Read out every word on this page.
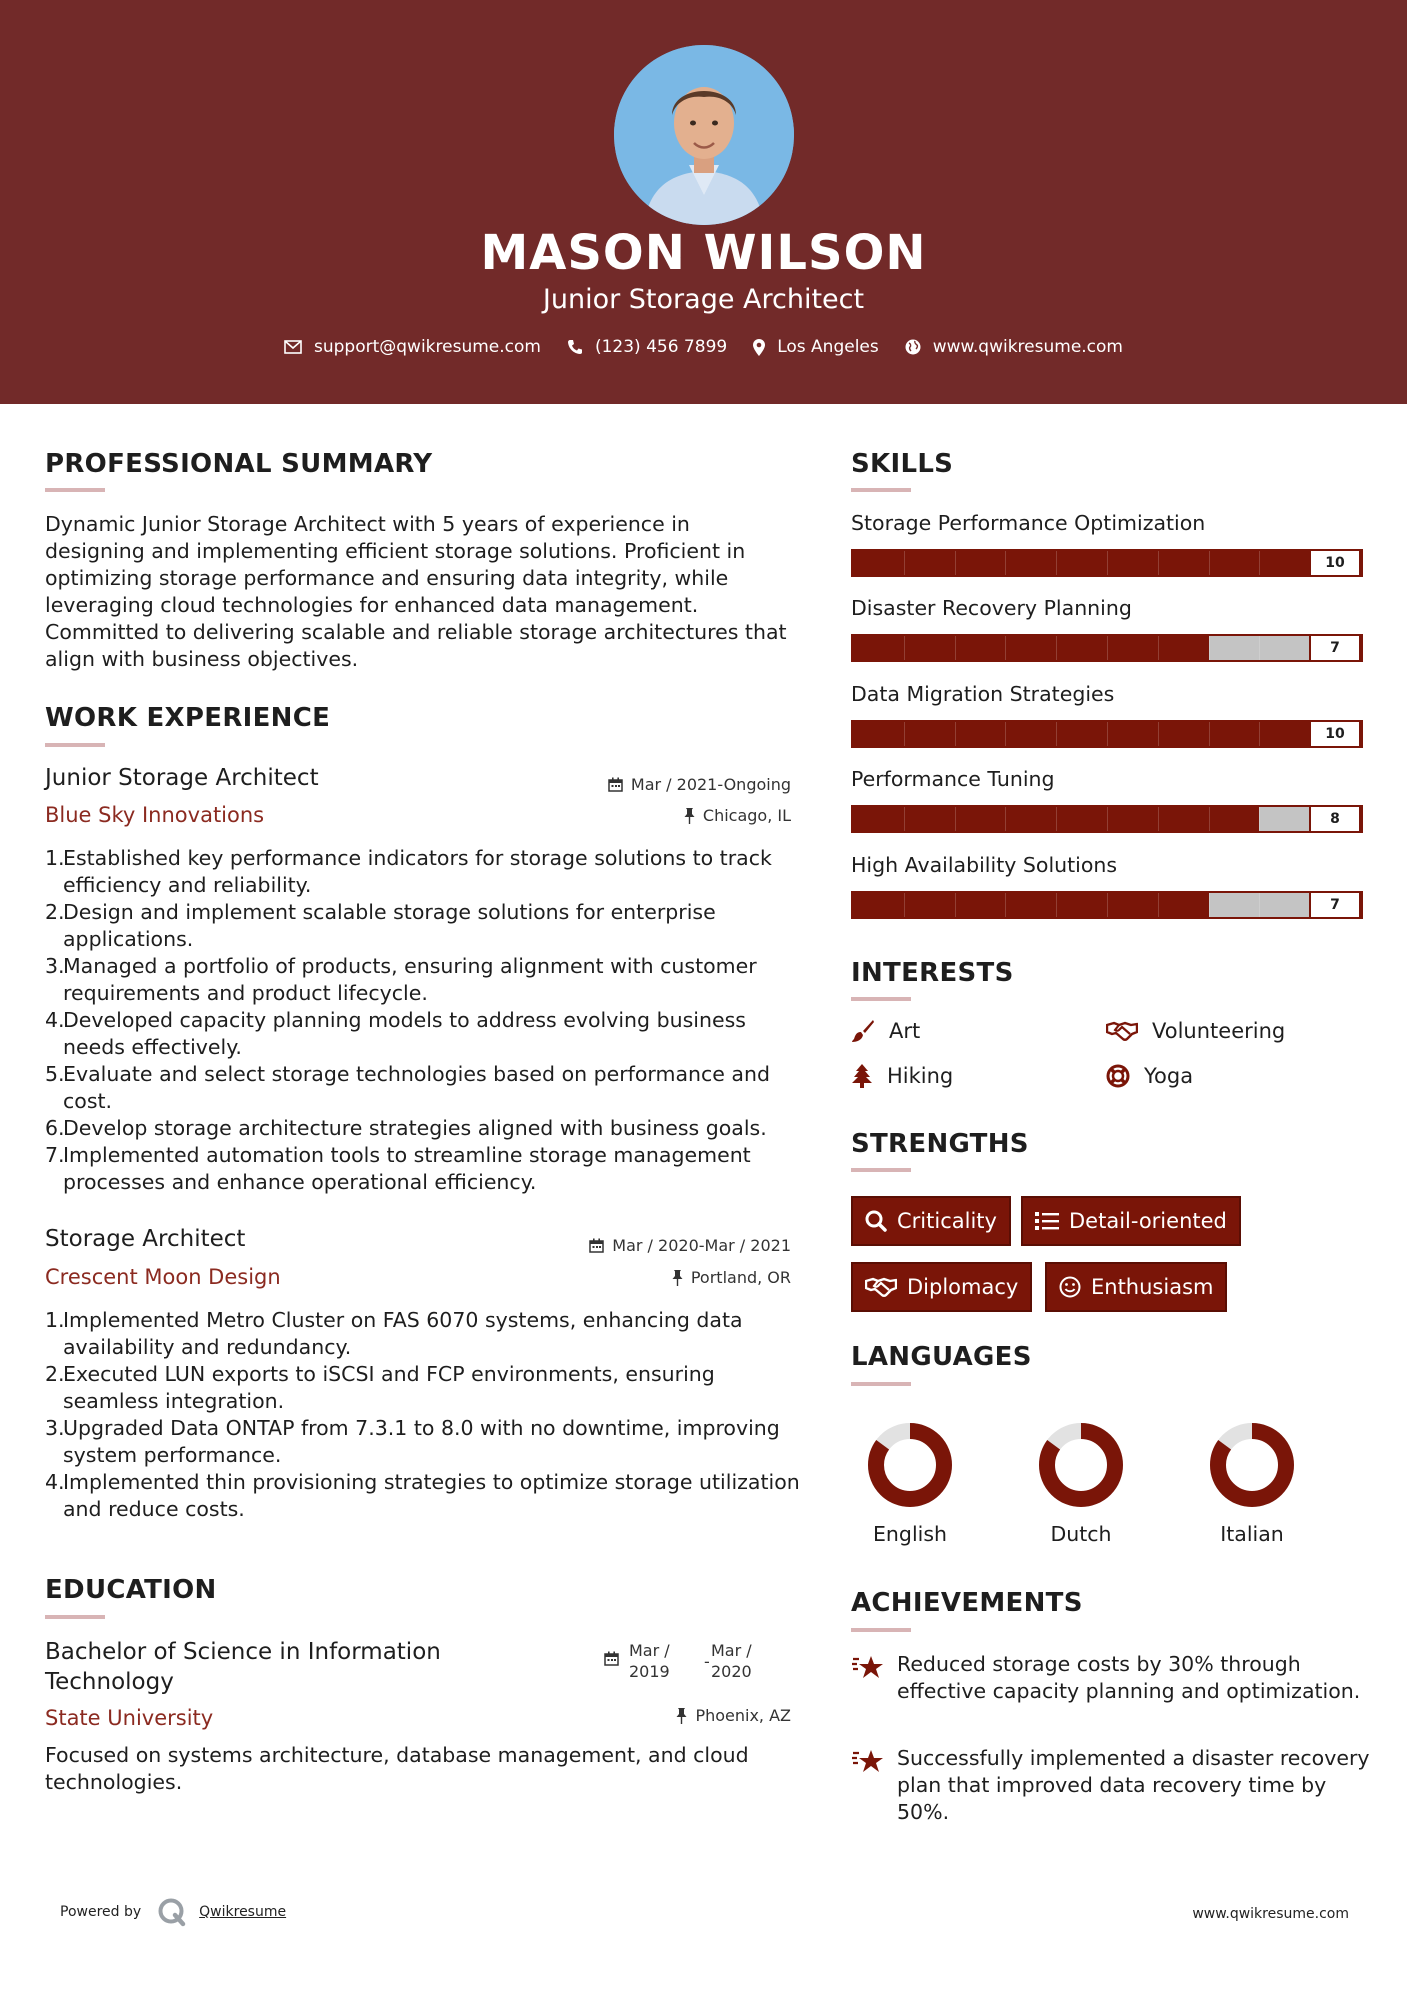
MASON WILSON
Junior Storage Architect
support@qwikresume.com	(123) 456 7899	Los Angeles	www.qwikresume.com
PROFESSIONAL SUMMARY
Dynamic Junior Storage Architect with 5 years of experience in designing and implementing efficient storage solutions. Proficient in optimizing storage performance and ensuring data integrity, while leveraging cloud technologies for enhanced data management. Committed to delivering scalable and reliable storage architectures that align with business objectives.
WORK EXPERIENCE
Junior Storage Architect	Mar / 2021-Ongoing
Blue Sky Innovations	Chicago, IL
1.
Established key performance indicators for storage solutions to track efficiency and reliability.
2.
Design and implement scalable storage solutions for enterprise applications.
3.
Managed a portfolio of products, ensuring alignment with customer requirements and product lifecycle.
4.
Developed capacity planning models to address evolving business needs effectively.
5.
Evaluate and select storage technologies based on performance and cost.
6.
Develop storage architecture strategies aligned with business goals.
7.
Implemented automation tools to streamline storage management processes and enhance operational efficiency.
Storage Architect	Mar / 2020-Mar / 2021
Crescent Moon Design	Portland, OR
1.
Implemented Metro Cluster on FAS 6070 systems, enhancing data availability and redundancy.
2.
Executed LUN exports to iSCSI and FCP environments, ensuring seamless integration.
3.
Upgraded Data ONTAP from 7.3.1 to 8.0 with no downtime, improving system performance.
4.
Implemented thin provisioning strategies to optimize storage utilization and reduce costs.
EDUCATION
Bachelor of Science in Information Technology
Mar /
2019
-
Mar /
2020
State University	Phoenix, AZ
Focused on systems architecture, database management, and cloud technologies.
SKILLS
Storage Performance Optimization
10
Disaster Recovery Planning
7
Data Migration Strategies
10
Performance Tuning
8
High Availability Solutions
7
INTERESTS
Art	Volunteering
Hiking	Yoga
STRENGTHS
Criticality	Detail-oriented
Diplomacy	Enthusiasm
LANGUAGES
English	Dutch	Italian
ACHIEVEMENTS
Reduced storage costs by 30% through effective capacity planning and optimization.
Successfully implemented a disaster recovery plan that improved data recovery time by 50%.
Powered by	Qwikresume	www.qwikresume.com
